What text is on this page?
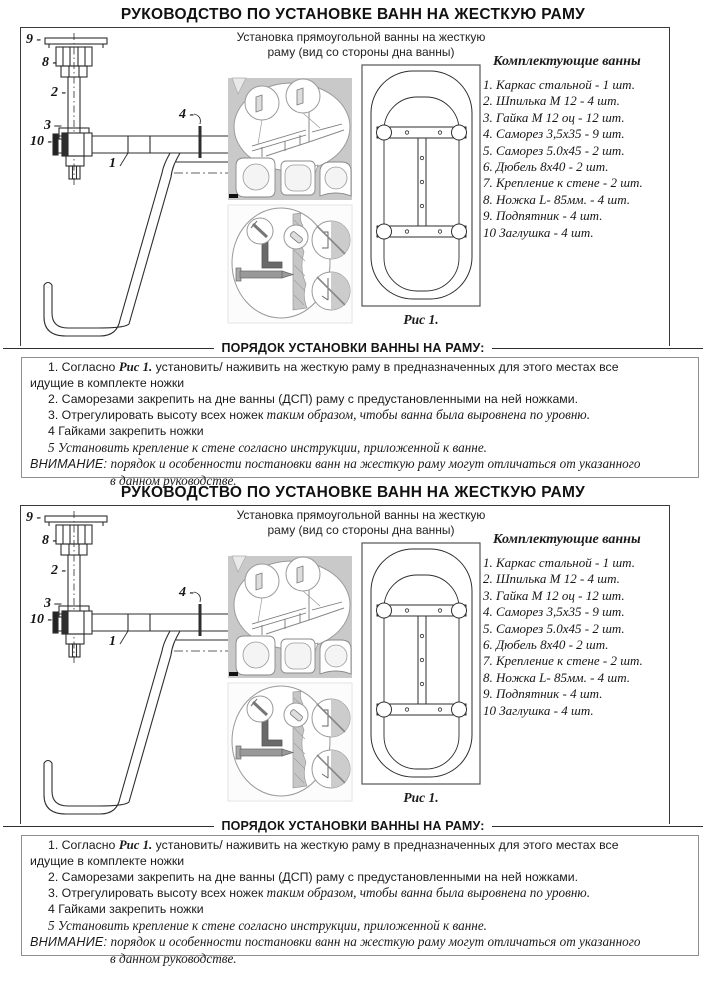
РУКОВОДСТВО ПО УСТАНОВКЕ ВАНН НА ЖЕСТКУЮ РАМУ
Установка прямоугольной ванны на жесткую
раму (вид со стороны дна ванны)
9 -
8 -
2 -
3 –
10 -
1
4 -

Комплектующие ванны

1. Каркас стальной - 1 шт.
2. Шпилька М 12 - 4 шт.
3. Гайка М 12 оц - 12 шт.
4. Саморез 3,5х35 - 9 шт.
5. Саморез 5.0х45 - 2 шт.
6. Дюбель 8х40 - 2 шт.
7. Крепление к стене - 2 шт.
8. Ножка L- 85мм. - 4 шт.
9. Подпятник - 4 шт.
10 Заглушка - 4 шт.
Рис 1.
ПОРЯДОК УСТАНОВКИ ВАННЫ НА РАМУ:

1. Согласно Рис 1. установить/ наживить на жесткую раму в предназначенных для этого местах все

идущие в комплекте ножки

2. Саморезами закрепить на дне ванны (ДСП) раму с предустановленными на ней ножками.

3. Отрегулировать высоту всех ножек таким образом, чтобы ванна была выровнена по уровню.

4 Гайками закрепить ножки

5 Установить крепление к стене согласно инструкции, приложенной к ванне.

ВНИМАНИЕ: порядок и особенности постановки ванн на жесткую раму могут отличаться от указанного

в данном руководстве.

РУКОВОДСТВО ПО УСТАНОВКЕ ВАНН НА ЖЕСТКУЮ РАМУ
Установка прямоугольной ванны на жесткую
раму (вид со стороны дна ванны)
9 -
8 -
2 -
3 –
10 -
1
4 -

Комплектующие ванны

1. Каркас стальной - 1 шт.
2. Шпилька М 12 - 4 шт.
3. Гайка М 12 оц - 12 шт.
4. Саморез 3,5х35 - 9 шт.
5. Саморез 5.0х45 - 2 шт.
6. Дюбель 8х40 - 2 шт.
7. Крепление к стене - 2 шт.
8. Ножка L- 85мм. - 4 шт.
9. Подпятник - 4 шт.
10 Заглушка - 4 шт.
Рис 1.
ПОРЯДОК УСТАНОВКИ ВАННЫ НА РАМУ:

1. Согласно Рис 1. установить/ наживить на жесткую раму в предназначенных для этого местах все

идущие в комплекте ножки

2. Саморезами закрепить на дне ванны (ДСП) раму с предустановленными на ней ножками.

3. Отрегулировать высоту всех ножек таким образом, чтобы ванна была выровнена по уровню.

4 Гайками закрепить ножки

5 Установить крепление к стене согласно инструкции, приложенной к ванне.

ВНИМАНИЕ: порядок и особенности постановки ванн на жесткую раму могут отличаться от указанного

в данном руководстве.
